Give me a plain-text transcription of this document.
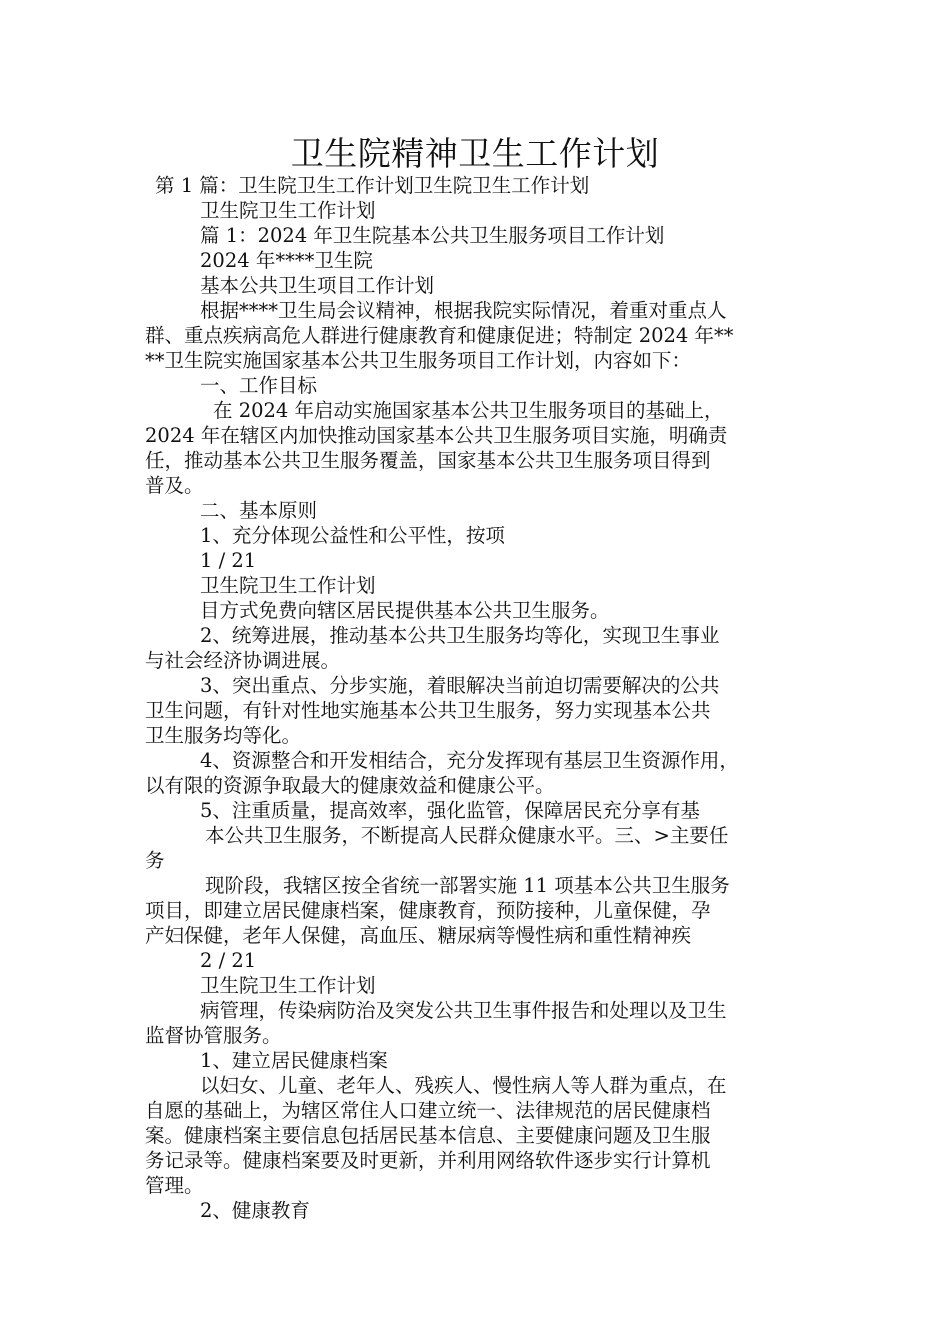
卫生院精神卫生工作计划
第 1 篇：卫生院卫生工作计划卫生院卫生工作计划
卫生院卫生工作计划
篇 1：2024 年卫生院基本公共卫生服务项目工作计划
2024 年****卫生院
基本公共卫生项目工作计划
根据****卫生局会议精神，根据我院实际情况，着重对重点人
群、重点疾病高危人群进行健康教育和健康促进；特制定 2024 年**
**卫生院实施国家基本公共卫生服务项目工作计划，内容如下：
一、工作目标
在 2024 年启动实施国家基本公共卫生服务项目的基础上，
2024 年在辖区内加快推动国家基本公共卫生服务项目实施，明确责
任，推动基本公共卫生服务覆盖，国家基本公共卫生服务项目得到
普及。
二、基本原则
1、充分体现公益性和公平性，按项
1 / 21
卫生院卫生工作计划
目方式免费向辖区居民提供基本公共卫生服务。
2、统筹进展，推动基本公共卫生服务均等化，实现卫生事业
与社会经济协调进展。
3、突出重点、分步实施，着眼解决当前迫切需要解决的公共
卫生问题，有针对性地实施基本公共卫生服务，努力实现基本公共
卫生服务均等化。
4、资源整合和开发相结合，充分发挥现有基层卫生资源作用，
以有限的资源争取最大的健康效益和健康公平。
5、注重质量，提高效率，强化监管，保障居民充分享有基
本公共卫生服务，不断提高人民群众健康水平。三、>主要任
务
现阶段，我辖区按全省统一部署实施 11 项基本公共卫生服务
项目，即建立居民健康档案，健康教育，预防接种，儿童保健，孕
产妇保健，老年人保健，高血压、糖尿病等慢性病和重性精神疾
2 / 21
卫生院卫生工作计划
病管理，传染病防治及突发公共卫生事件报告和处理以及卫生
监督协管服务。
1、建立居民健康档案
以妇女、儿童、老年人、残疾人、慢性病人等人群为重点，在
自愿的基础上，为辖区常住人口建立统一、法律规范的居民健康档
案。健康档案主要信息包括居民基本信息、主要健康问题及卫生服
务记录等。健康档案要及时更新，并利用网络软件逐步实行计算机
管理。
2、健康教育
